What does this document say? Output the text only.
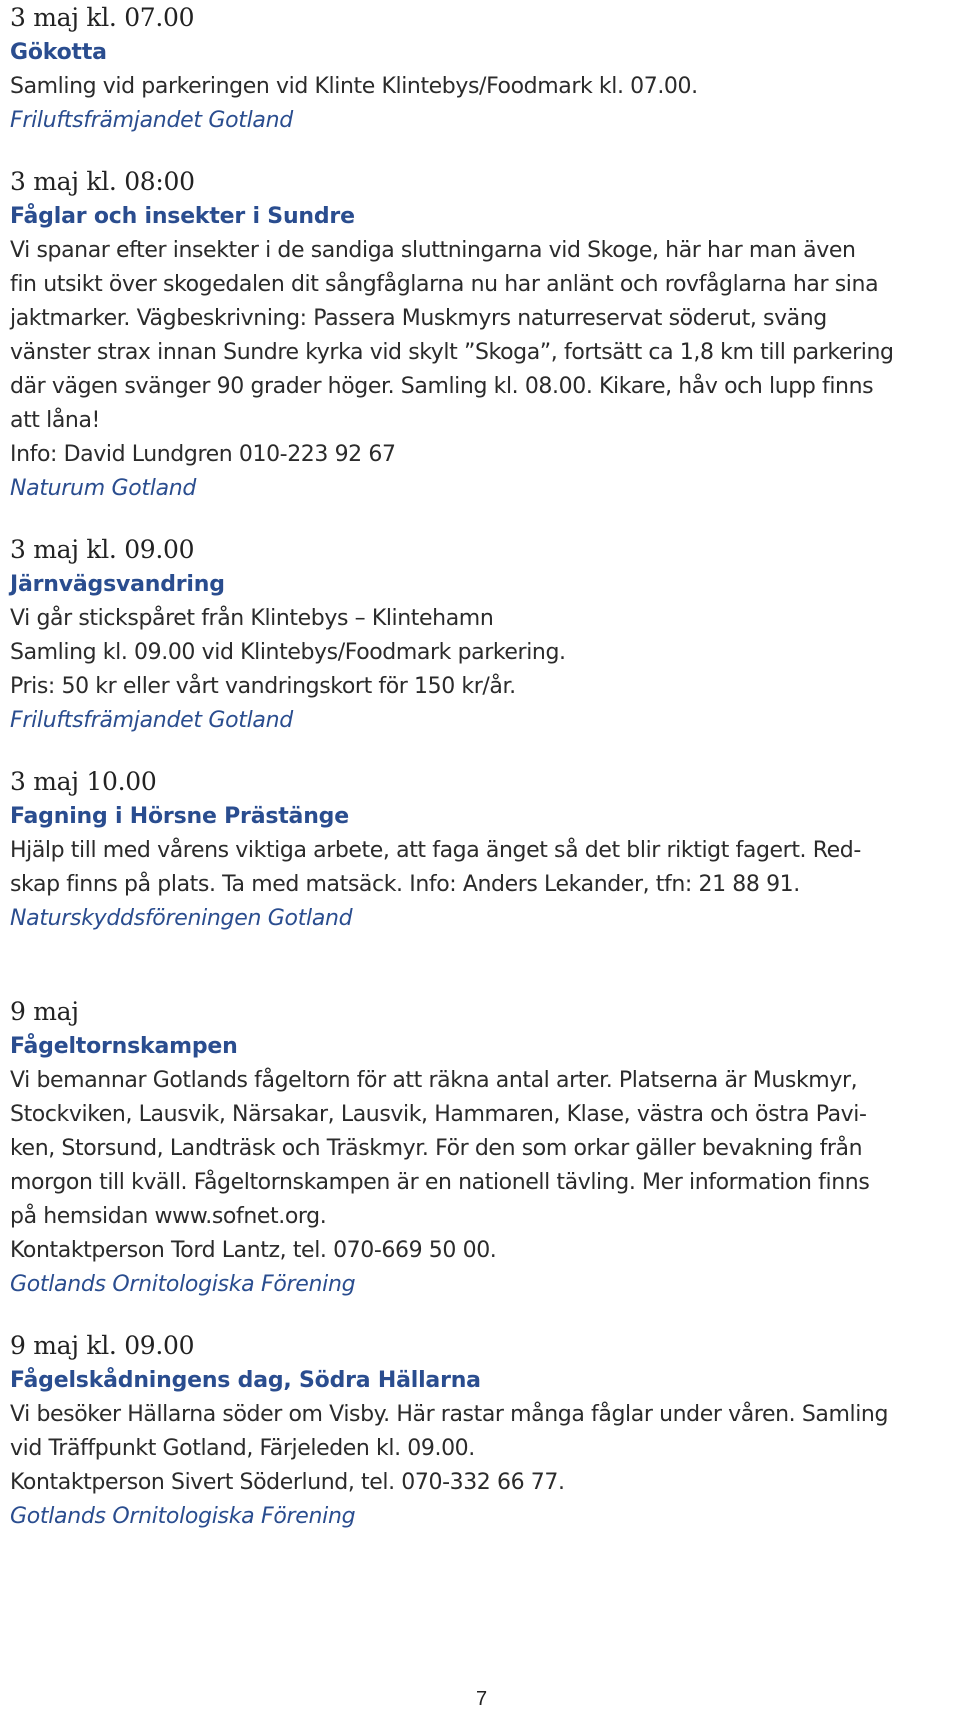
3 maj kl. 07.00
Gökotta

Samling vid parkeringen vid Klinte Klintebys/Foodmark kl. 07.00.

Friluftsfrämjandet Gotland
3 maj kl. 08:00
Fåglar och insekter i Sundre

Vi spanar efter insekter i de sandiga sluttningarna vid Skoge, här har man även

fin utsikt över skogedalen dit sångfåglarna nu har anlänt och rovfåglarna har sina

jaktmarker. Vägbeskrivning: Passera Muskmyrs naturreservat söderut, sväng

vänster strax innan Sundre kyrka vid skylt ”Skoga”, fortsätt ca 1,8 km till parkering

där vägen svänger 90 grader höger. Samling kl. 08.00. Kikare, håv och lupp finns

att låna!

Info: David Lundgren 010-223 92 67

Naturum Gotland
3 maj kl. 09.00
Järnvägsvandring

Vi går stickspåret från Klintebys – Klintehamn

Samling kl. 09.00 vid Klintebys/Foodmark parkering.

Pris: 50 kr eller vårt vandringskort för 150 kr/år.

Friluftsfrämjandet Gotland
3 maj 10.00
Fagning i Hörsne Prästänge

Hjälp till med vårens viktiga arbete, att faga änget så det blir riktigt fagert. Red-

skap finns på plats. Ta med matsäck. Info: Anders Lekander, tfn: 21 88 91.

Naturskyddsföreningen Gotland
9 maj
Fågeltornskampen

Vi bemannar Gotlands fågeltorn för att räkna antal arter. Platserna är Muskmyr,

Stockviken, Lausvik, Närsakar, Lausvik, Hammaren, Klase, västra och östra Pavi-

ken, Storsund, Landträsk och Träskmyr. För den som orkar gäller bevakning från

morgon till kväll. Fågeltornskampen är en nationell tävling. Mer information finns

på hemsidan www.sofnet.org.

Kontaktperson Tord Lantz, tel. 070-669 50 00.

Gotlands Ornitologiska Förening
9 maj kl. 09.00
Fågelskådningens dag, Södra Hällarna

Vi besöker Hällarna söder om Visby. Här rastar många fåglar under våren. Samling

vid Träffpunkt Gotland, Färjeleden kl. 09.00.

Kontaktperson Sivert Söderlund, tel. 070-332 66 77.

Gotlands Ornitologiska Förening
7
